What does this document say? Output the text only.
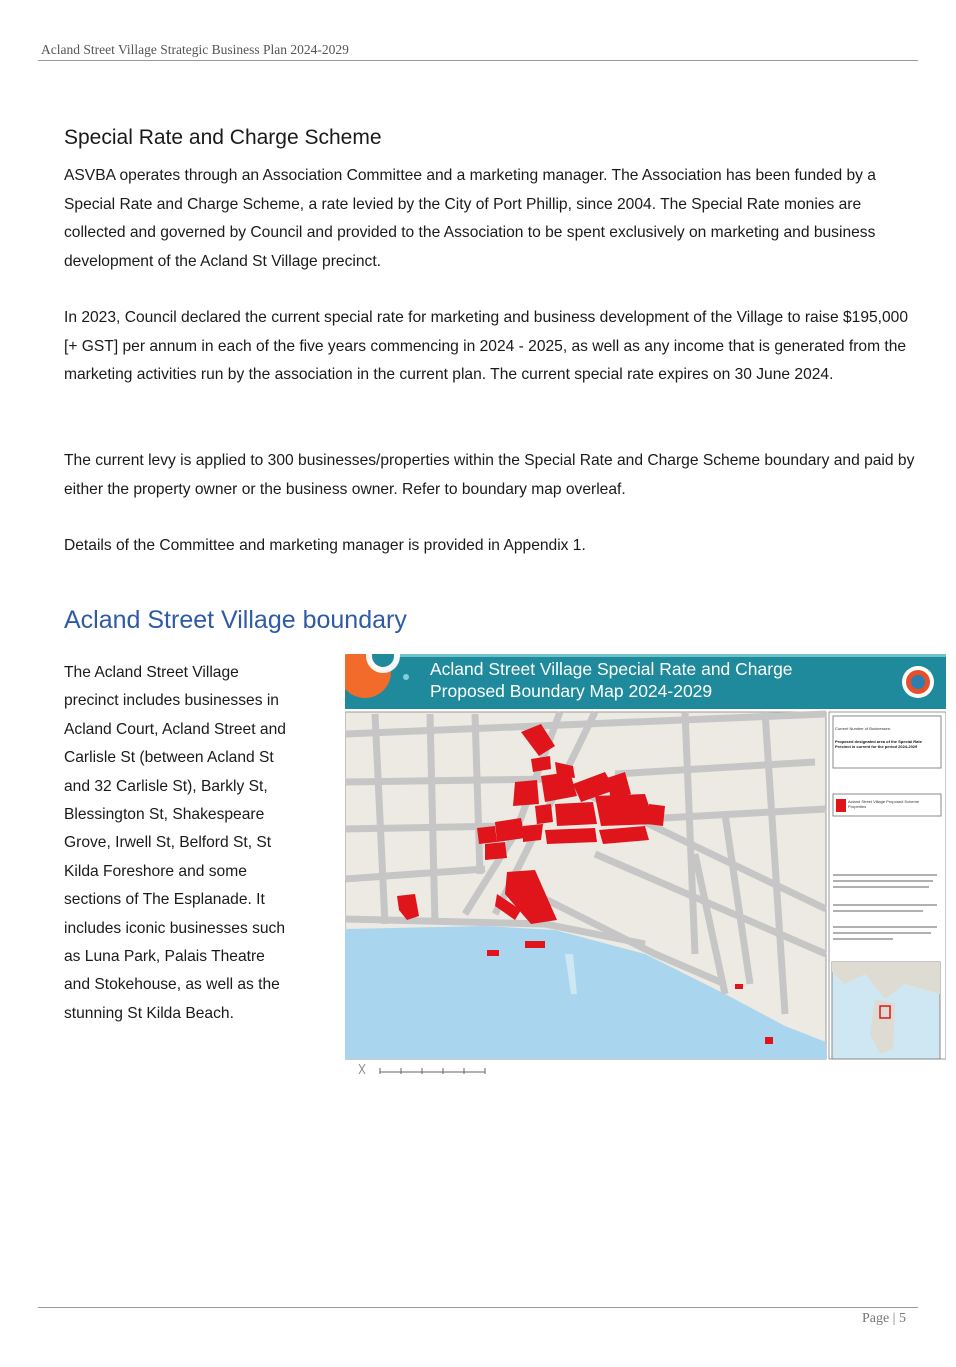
Acland Street Village Strategic Business Plan 2024-2029
Special Rate and Charge Scheme

ASVBA operates through an Association Committee and a marketing manager. The Association has been funded by a Special Rate and Charge Scheme, a rate levied by the City of Port Phillip, since 2004. The Special Rate monies are collected and governed by Council and provided to the Association to be spent exclusively on marketing and business development of the Acland St Village precinct.

In 2023, Council declared the current special rate for marketing and business development of the Village to raise $195,000 [+ GST] per annum in each of the five years commencing in 2024 - 2025, as well as any income that is generated from the marketing activities run by the association in the current plan. The current special rate expires on 30 June 2024.

The current levy is applied to 300 businesses/properties within the Special Rate and Charge Scheme boundary and paid by either the property owner or the business owner. Refer to boundary map overleaf.

Details of the Committee and marketing manager is provided in Appendix 1.

Acland Street Village boundary

The Acland Street Village precinct includes businesses in Acland Court, Acland Street and Carlisle St (between Acland St and 32 Carlisle St), Barkly St, Blessington St, Shakespeare Grove, Irwell St, Belford St, St Kilda Foreshore and some sections of The Esplanade. It includes iconic businesses such as Luna Park, Palais Theatre and Stokehouse, as well as the stunning St Kilda Beach.

Acland Street Village Special Rate and Charge
Proposed Boundary Map 2024-2029
Current Number of Businesses:
Proposed designated area of the Special Rate Precinct is current for the period 2024-2029
Acland Street Village Proposed Scheme Properties
Page | 5
